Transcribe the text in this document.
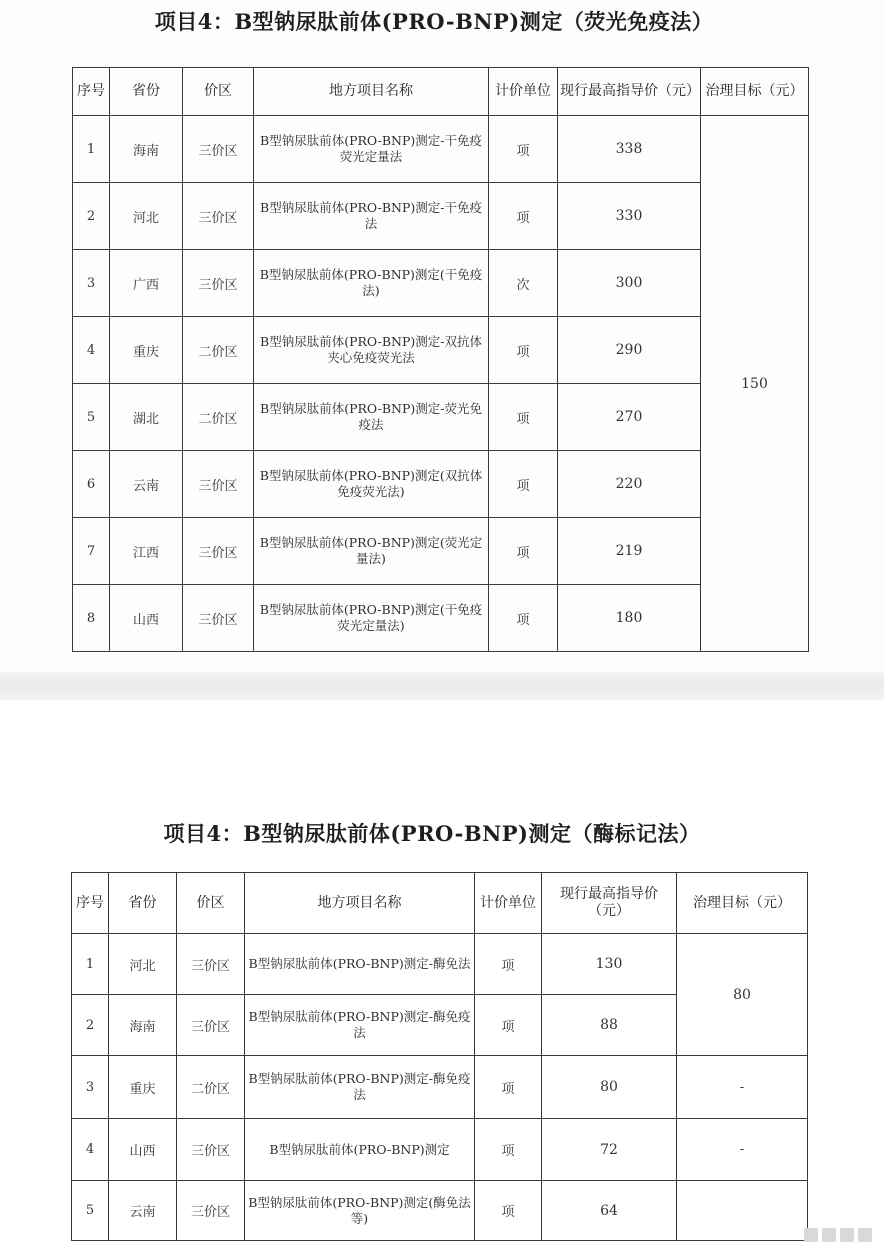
项目4：B型钠尿肽前体(PRO-BNP)测定（荧光免疫法）
序号	省份	价区	地方项目名称	计价单位	现行最高指导价（元）	治理目标（元）
1	海南	三价区	B型钠尿肽前体(PRO-BNP)测定-干免疫荧光定量法	项	338	150
2	河北	三价区	B型钠尿肽前体(PRO-BNP)测定-干免疫法	项	330	
3	广西	三价区	B型钠尿肽前体(PRO-BNP)测定(干免疫法)	次	300	
4	重庆	二价区	B型钠尿肽前体(PRO-BNP)测定-双抗体夹心免疫荧光法	项	290	
5	湖北	二价区	B型钠尿肽前体(PRO-BNP)测定-荧光免疫法	项	270	
6	云南	三价区	B型钠尿肽前体(PRO-BNP)测定(双抗体免疫荧光法)	项	220	
7	江西	三价区	B型钠尿肽前体(PRO-BNP)测定(荧光定量法)	项	219	
8	山西	三价区	B型钠尿肽前体(PRO-BNP)测定(干免疫荧光定量法)	项	180	
项目4：B型钠尿肽前体(PRO-BNP)测定（酶标记法）
序号	省份	价区	地方项目名称	计价单位	现行最高指导价（元）	治理目标（元）
1	河北	三价区	B型钠尿肽前体(PRO-BNP)测定-酶免法	项	130	80
2	海南	三价区	B型钠尿肽前体(PRO-BNP)测定-酶免疫法	项	88	
3	重庆	二价区	B型钠尿肽前体(PRO-BNP)测定-酶免疫法	项	80	-
4	山西	三价区	B型钠尿肽前体(PRO-BNP)测定	项	72	-
5	云南	三价区	B型钠尿肽前体(PRO-BNP)测定(酶免法等)	项	64	
